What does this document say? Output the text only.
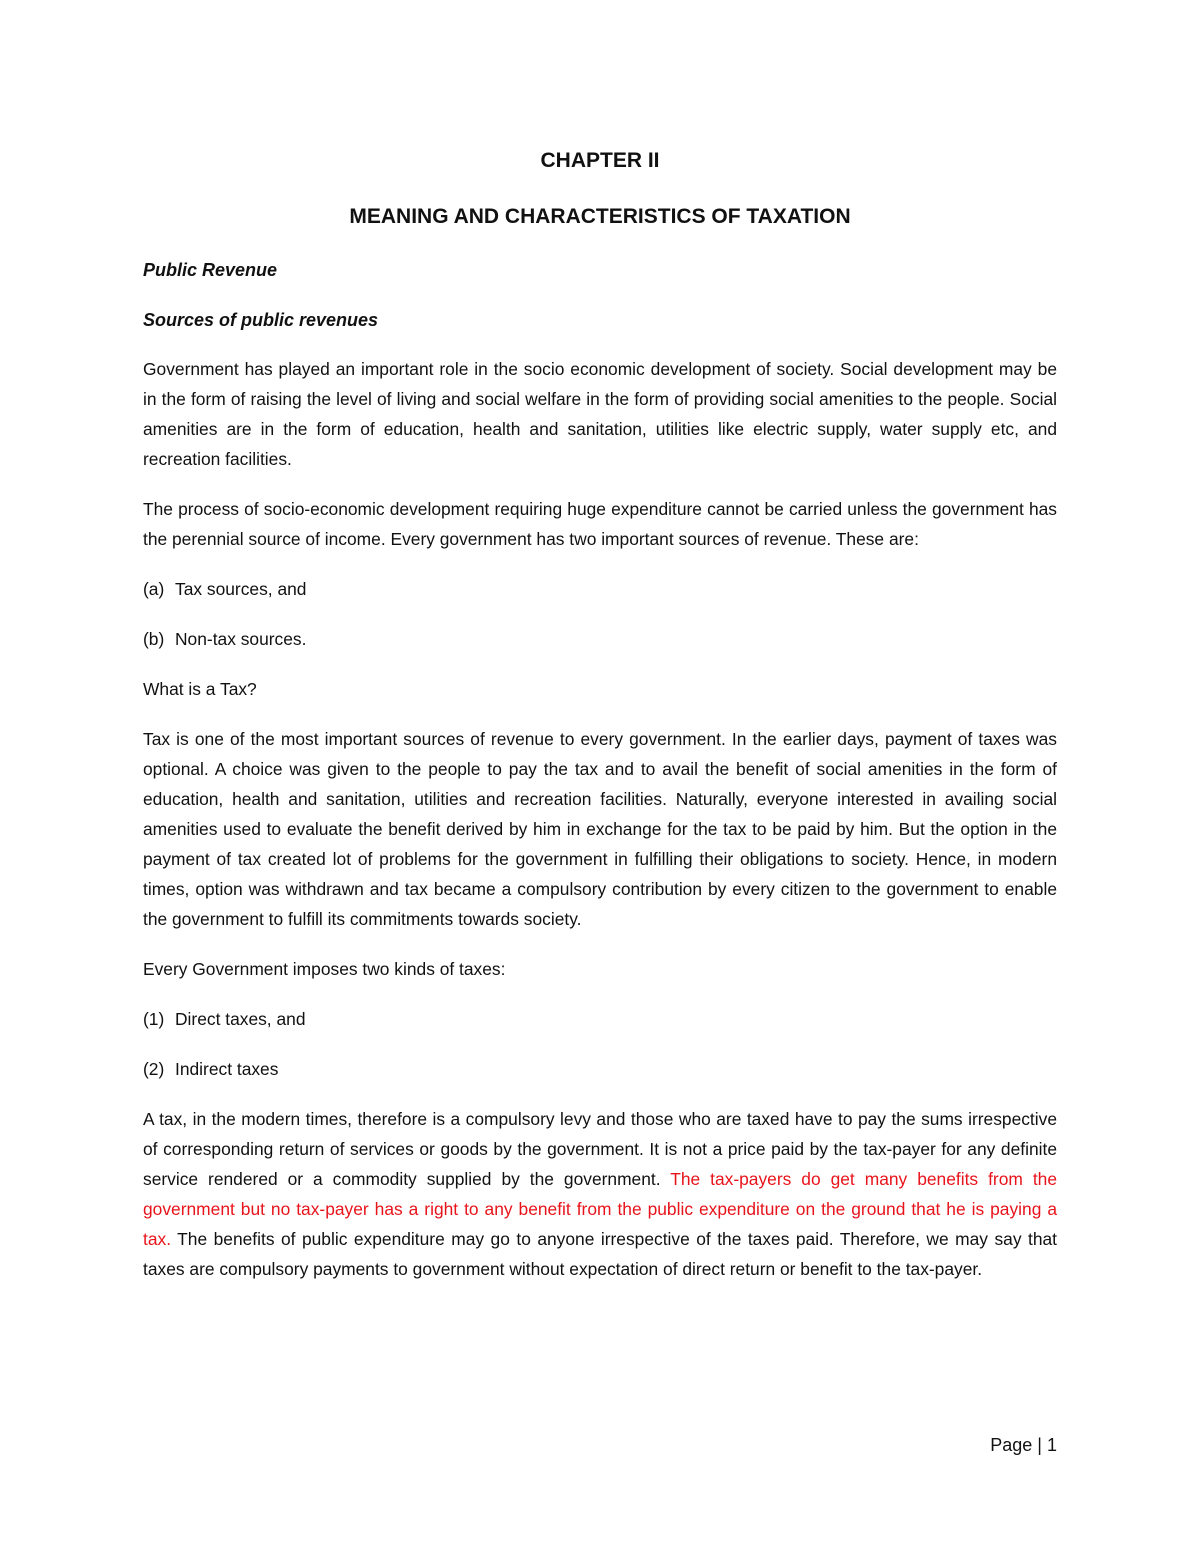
CHAPTER II
MEANING AND CHARACTERISTICS OF TAXATION
Public Revenue
Sources of public revenues

Government has played an important role in the socio economic development of society. Social development may be in the form of raising the level of living and social welfare in the form of providing social amenities to the people. Social amenities are in the form of education, health and sanitation, utilities like electric supply, water supply etc, and recreation facilities.

The process of socio-economic development requiring huge expenditure cannot be carried unless the government has the perennial source of income. Every government has two important sources of revenue. These are:

(a) Tax sources, and
(b) Non-tax sources.
What is a Tax?

Tax is one of the most important sources of revenue to every government. In the earlier days, payment of taxes was optional. A choice was given to the people to pay the tax and to avail the benefit of social amenities in the form of education, health and sanitation, utilities and recreation facilities. Naturally, everyone interested in availing social amenities used to evaluate the benefit derived by him in exchange for the tax to be paid by him. But the option in the payment of tax created lot of problems for the government in fulfilling their obligations to society. Hence, in modern times, option was withdrawn and tax became a compulsory contribution by every citizen to the government to enable the government to fulfill its commitments towards society.

Every Government imposes two kinds of taxes:
(1) Direct taxes, and
(2) Indirect taxes

A tax, in the modern times, therefore is a compulsory levy and those who are taxed have to pay the sums irrespective of corresponding return of services or goods by the government. It is not a price paid by the tax-payer for any definite service rendered or a commodity supplied by the government. The tax-payers do get many benefits from the government but no tax-payer has a right to any benefit from the public expenditure on the ground that he is paying a tax. The benefits of public expenditure may go to anyone irrespective of the taxes paid. Therefore, we may say that taxes are compulsory payments to government without expectation of direct return or benefit to the tax-payer.

Page | 1
